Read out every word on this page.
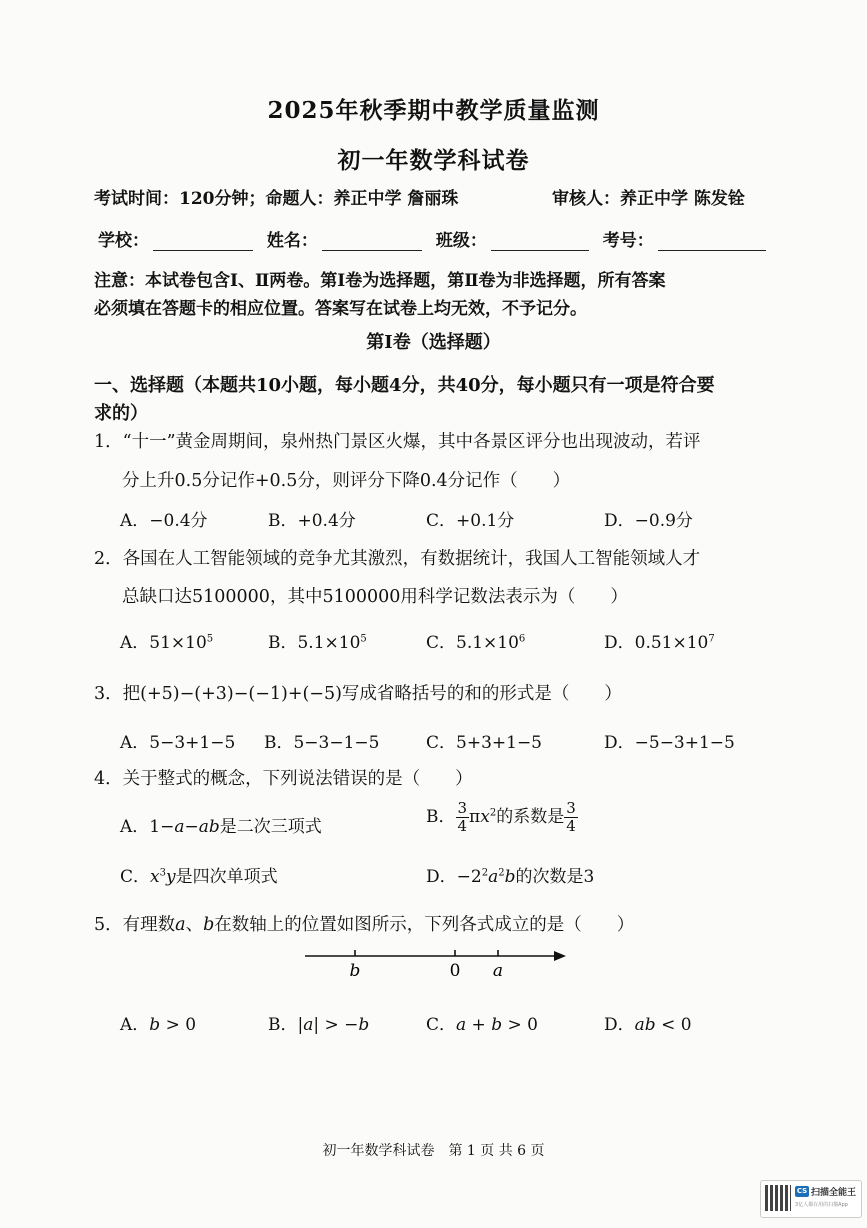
2025年秋季期中教学质量监测
初一年数学科试卷
考试时间：120分钟；命题人：养正中学 詹丽珠	审核人：养正中学 陈发铨
学校：	姓名：	班级：	考号：
注意：本试卷包含Ⅰ、Ⅱ两卷。第Ⅰ卷为选择题，第Ⅱ卷为非选择题，所有答案
必须填在答题卡的相应位置。答案写在试卷上均无效，不予记分。
第Ⅰ卷（选择题）
一、选择题（本题共10小题，每小题4分，共40分，每小题只有一项是符合要
求的）
1．“十一”黄金周期间，泉州热门景区火爆，其中各景区评分也出现波动，若评
分上升0.5分记作+0.5分，则评分下降0.4分记作（　　）
A．−0.4分	B．+0.4分	C．+0.1分	D．−0.9分
2．各国在人工智能领域的竞争尤其激烈，有数据统计，我国人工智能领域人才
总缺口达5100000，其中5100000用科学记数法表示为（　　）
A．$51\times 10^5$	B．$5.1\times 10^5$	C．$5.1\times 10^6$	D．$0.51\times 10^7$
3．把(+5)−(+3)−(−1)+(−5)写成省略括号的和的形式是（　　）
A．5−3+1−5 B．5−3−1−5	C．5+3+1−5	D．−5−3+1−5
4．关于整式的概念，下列说法错误的是（　　）
A．1−a−ab是二次三项式	B． $\frac{3}{4} \pi x^2$的系数是 $\frac{3}{4}$
C．$x^3y$是四次单项式	D．$-2^2a^2b$的次数是3
5．有理数a、b在数轴上的位置如图所示，下列各式成立的是（　　）
b	0 a
A．b > 0	B．|a| > −b	C．a + b > 0	D．ab < 0
初一年数学科试卷　第 1 页 共 6 页
CS 扫描全能王
3亿人都在用的扫描App
